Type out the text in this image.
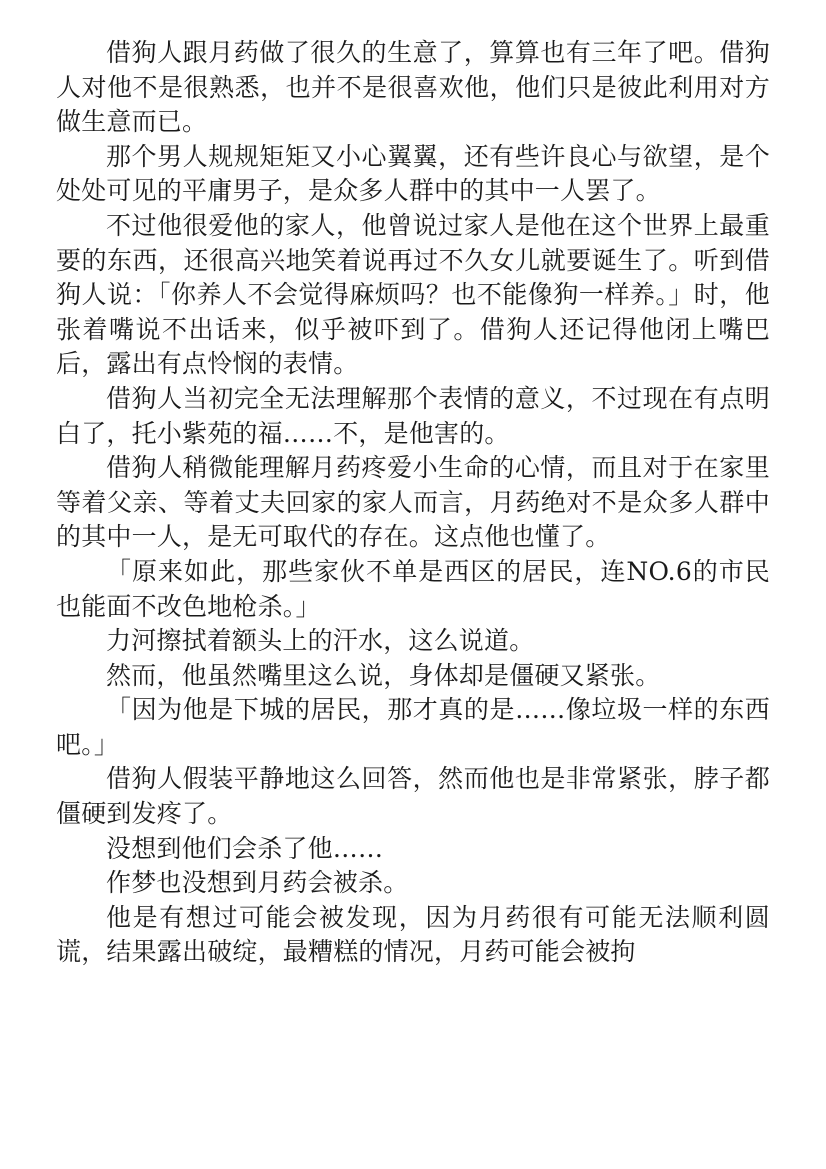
借狗人跟月药做了很久的生意了，算算也有三年了吧。借狗人对他不是很熟悉，也并不是很喜欢他，他们只是彼此利用对方做生意而已。

那个男人规规矩矩又小心翼翼，还有些许良心与欲望，是个处处可见的平庸男子，是众多人群中的其中一人罢了。

不过他很爱他的家人，他曾说过家人是他在这个世界上最重要的东西，还很高兴地笑着说再过不久女儿就要诞生了。听到借狗人说：「你养人不会觉得麻烦吗？也不能像狗一样养。」时，他张着嘴说不出话来，似乎被吓到了。借狗人还记得他闭上嘴巴后，露出有点怜悯的表情。

借狗人当初完全无法理解那个表情的意义，不过现在有点明白了，托小紫苑的福……不，是他害的。

借狗人稍微能理解月药疼爱小生命的心情，而且对于在家里等着父亲、等着丈夫回家的家人而言，月药绝对不是众多人群中的其中一人，是无可取代的存在。这点他也懂了。

「原来如此，那些家伙不单是西区的居民，连NO.6的市民也能面不改色地枪杀。」

力河擦拭着额头上的汗水，这么说道。

然而，他虽然嘴里这么说，身体却是僵硬又紧张。

「因为他是下城的居民，那才真的是……像垃圾一样的东西吧。」

借狗人假装平静地这么回答，然而他也是非常紧张，脖子都僵硬到发疼了。

没想到他们会杀了他……

作梦也没想到月药会被杀。

他是有想过可能会被发现，因为月药很有可能无法顺利圆谎，结果露出破绽，最糟糕的情况，月药可能会被拘
